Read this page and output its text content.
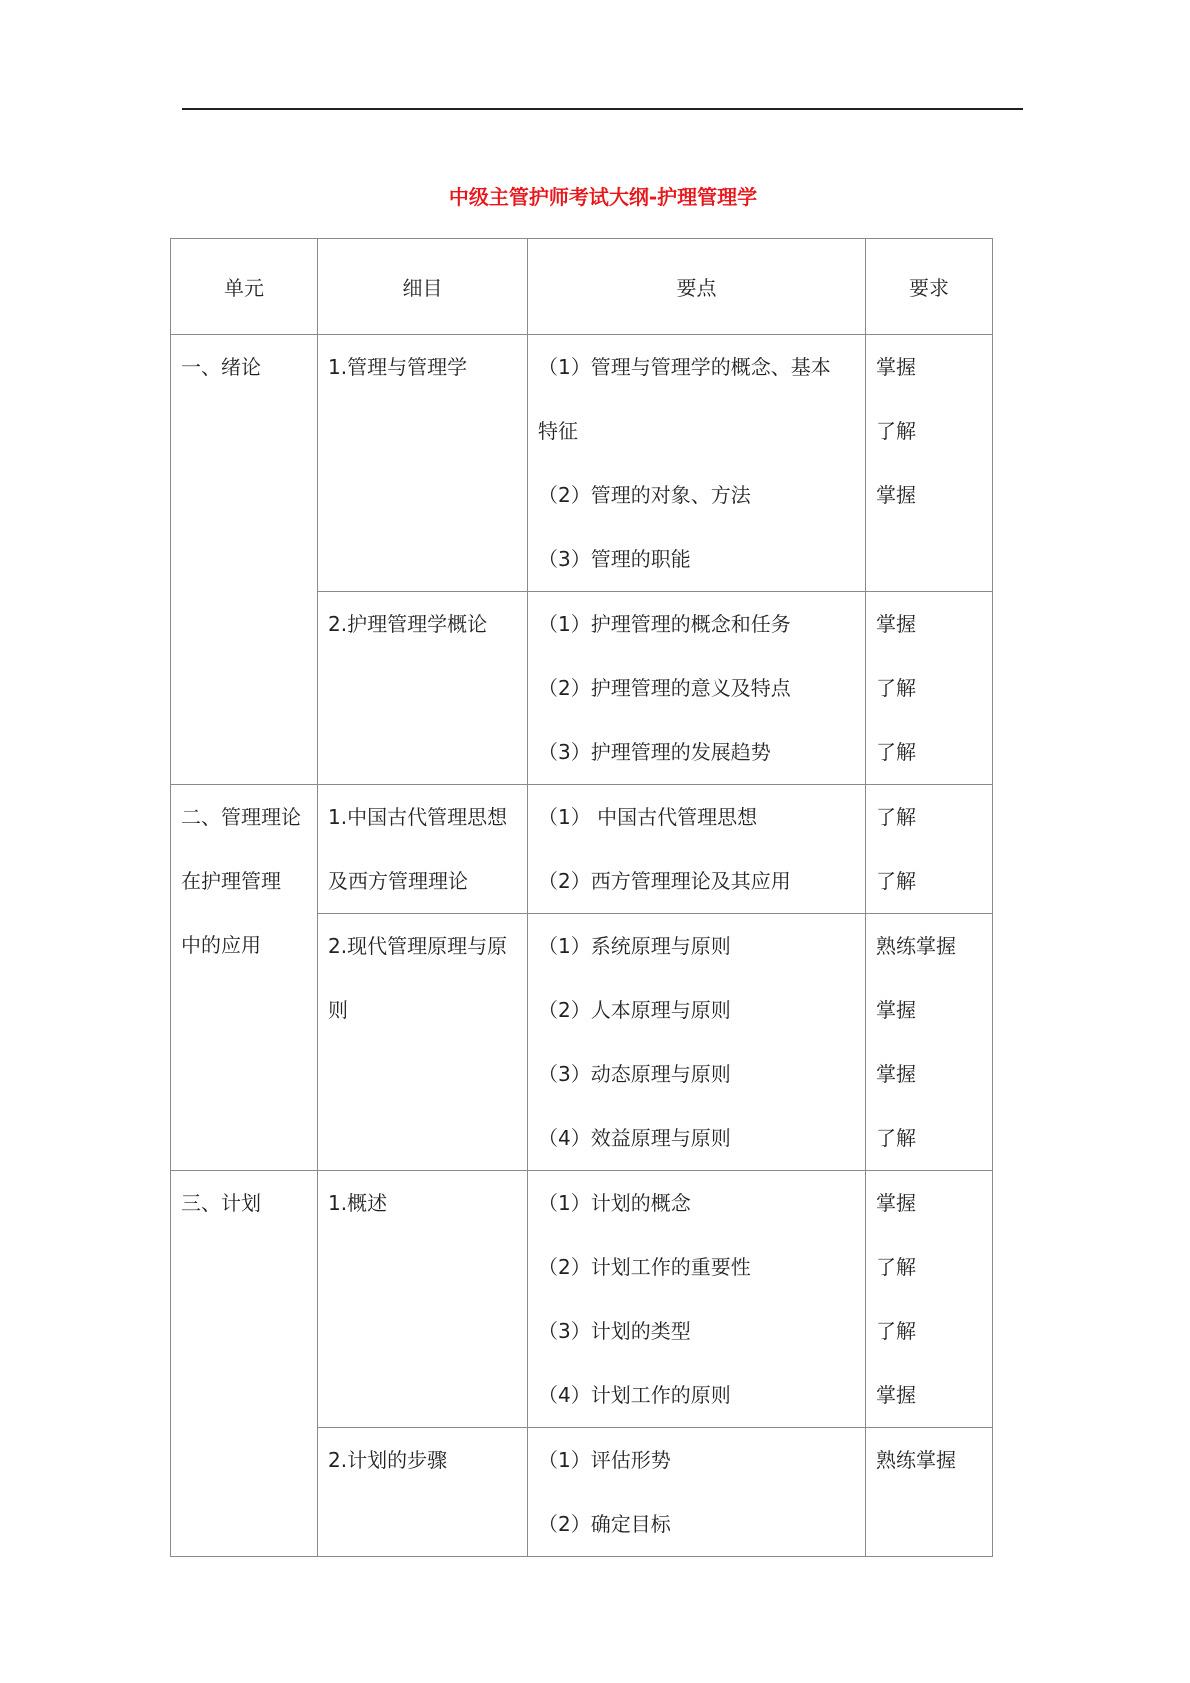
中级主管护师考试大纲-护理管理学
单元	细目	要点	要求

一、绪论	1.管理与管理学	（1）管理与管理学的概念、基本
特征
（2）管理的对象、方法
（3）管理的职能	掌握
了解
掌握

	2.护理管理学概论	（1）护理管理的概念和任务
（2）护理管理的意义及特点
（3）护理管理的发展趋势	掌握
了解
了解

二、管理理论
在护理管理
中的应用	1.中国古代管理思想
及西方管理理论	（1） 中国古代管理思想
（2）西方管理理论及其应用	了解
了解

	2.现代管理原理与原
则	（1）系统原理与原则
（2）人本原理与原则
（3）动态原理与原则
（4）效益原理与原则	熟练掌握
掌握
掌握
了解

三、计划	1.概述	（1）计划的概念
（2）计划工作的重要性
（3）计划的类型
（4）计划工作的原则	掌握
了解
了解
掌握

	2.计划的步骤	（1）评估形势
（2）确定目标	熟练掌握
